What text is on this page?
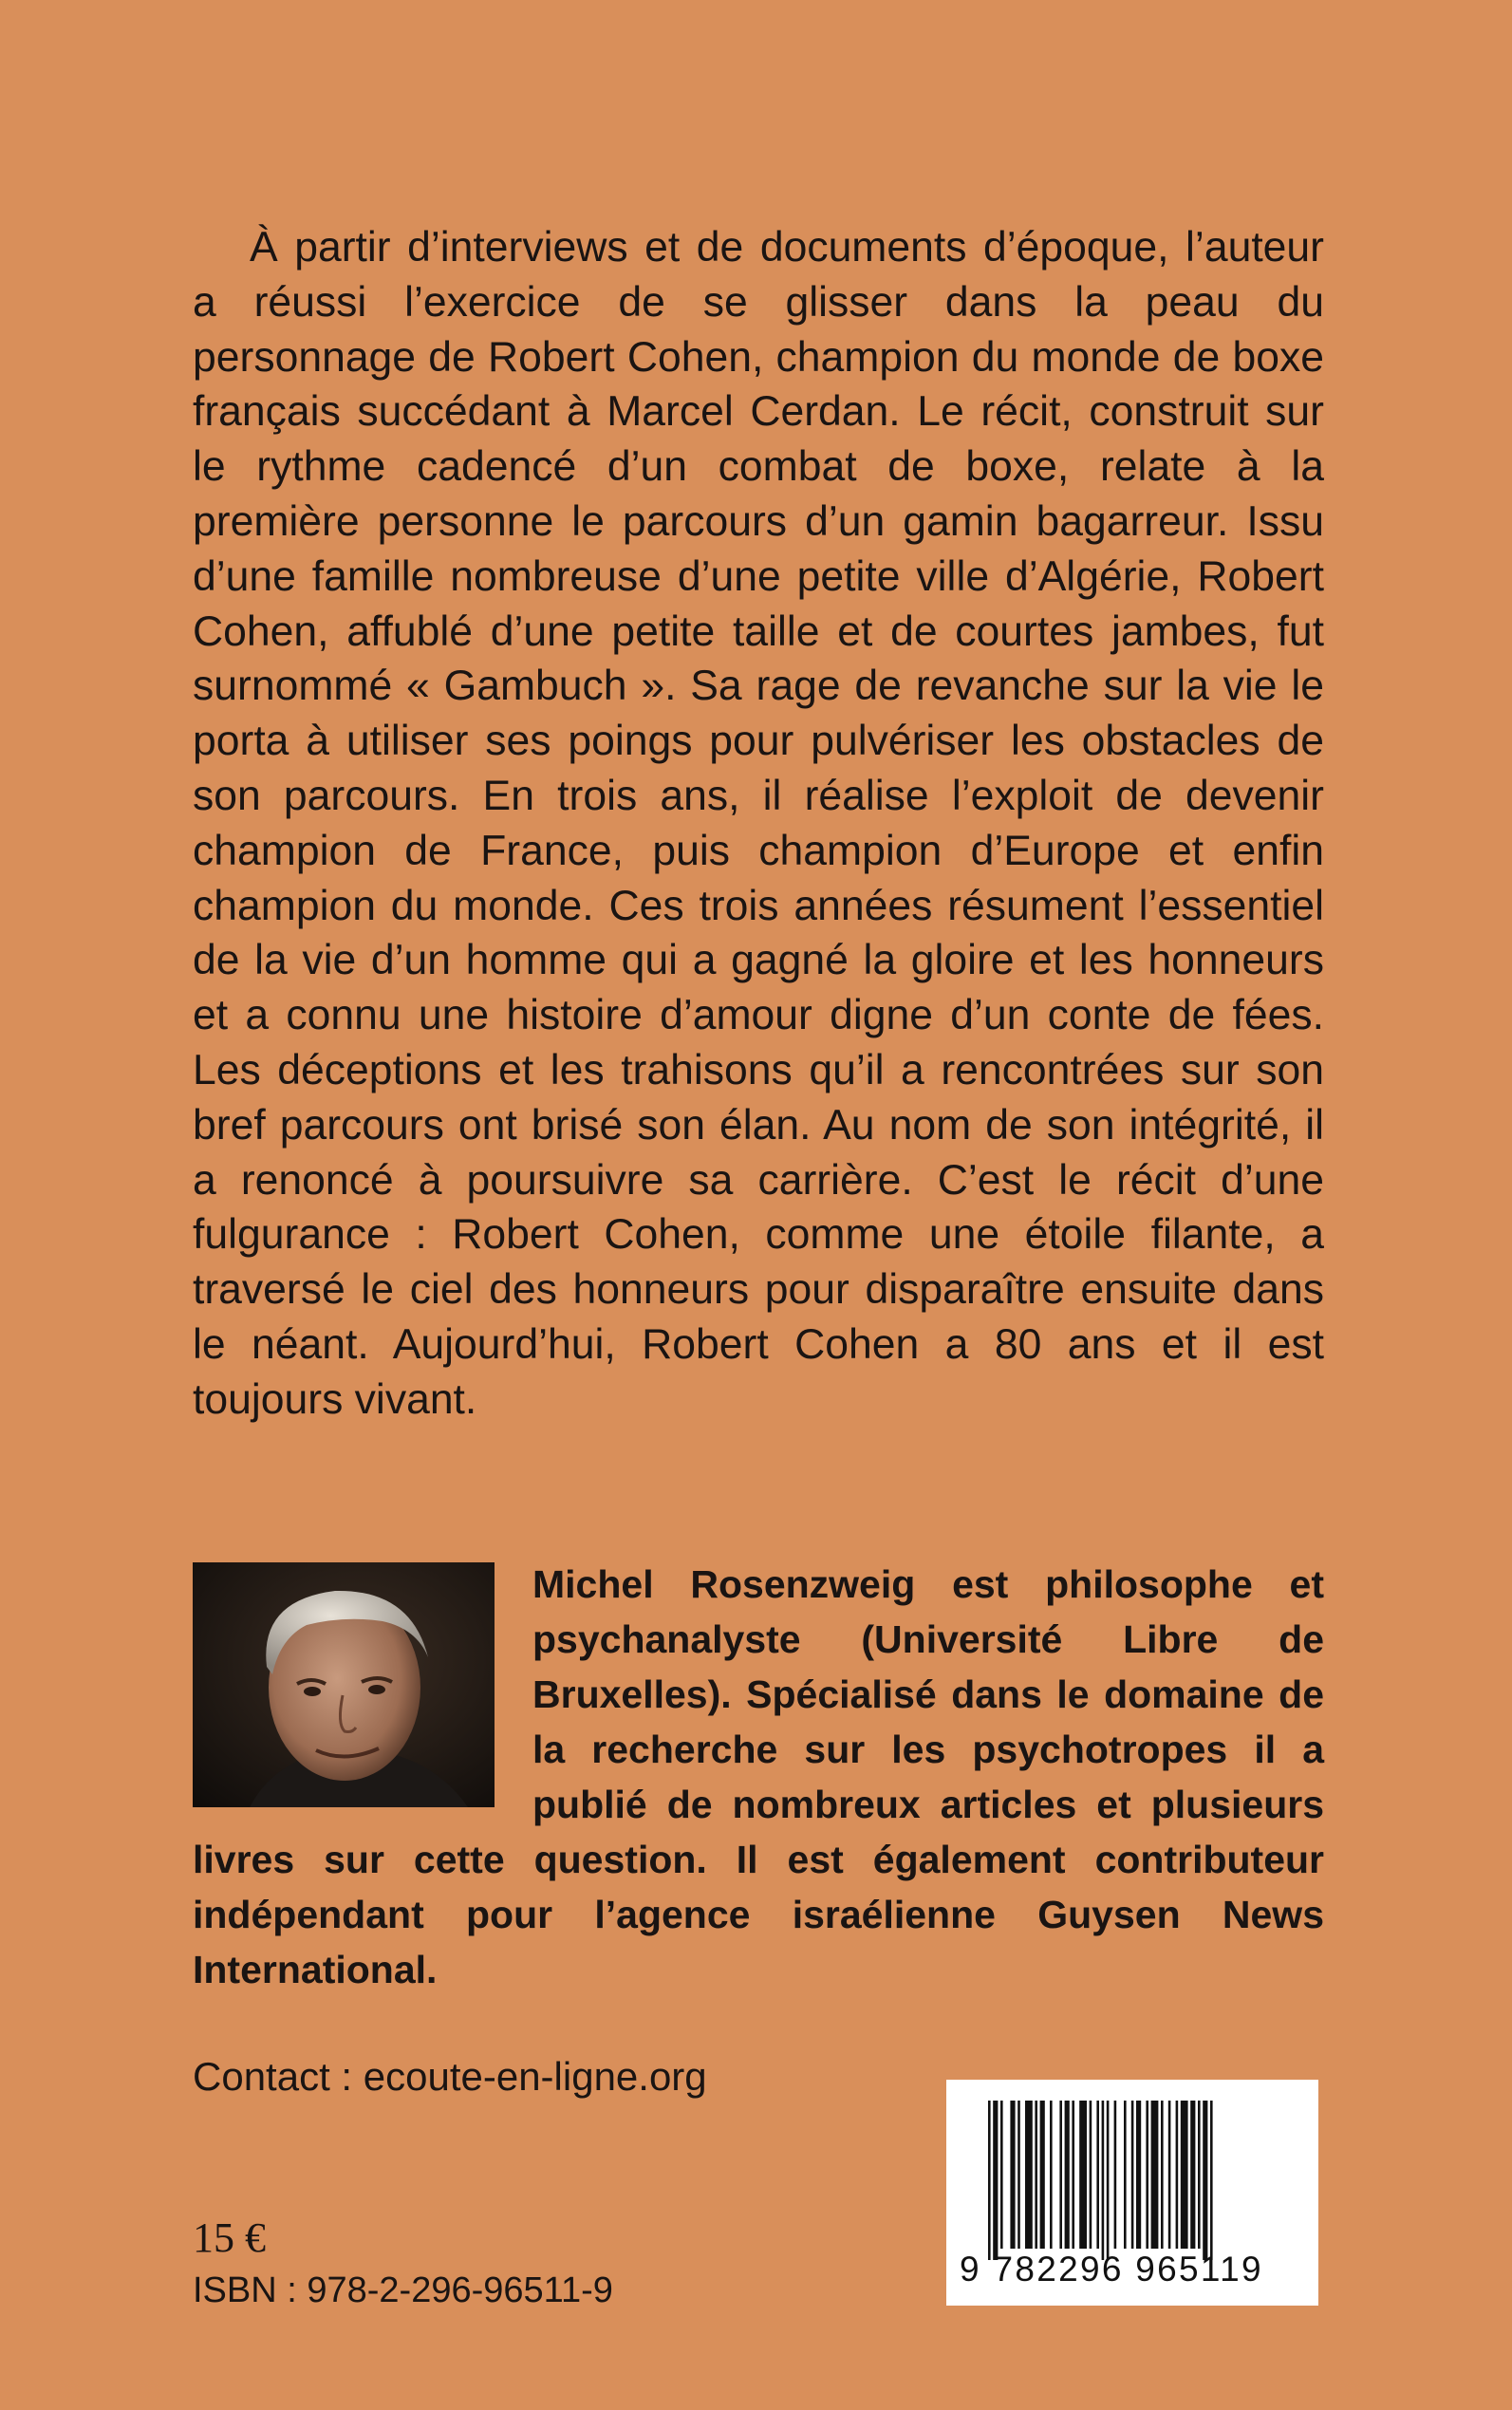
À partir d’interviews et de documents d’époque, l’auteur a réussi l’exercice de se glisser dans la peau du personnage de Robert Cohen, champion du monde de boxe français succédant à Marcel Cerdan. Le récit, construit sur le rythme cadencé d’un combat de boxe, relate à la première personne le parcours d’un gamin bagarreur. Issu d’une famille nombreuse d’une petite ville d’Algérie, Robert Cohen, affublé d’une petite taille et de courtes jambes, fut surnommé « Gambuch ». Sa rage de revanche sur la vie le porta à utiliser ses poings pour pulvériser les obstacles de son parcours. En trois ans, il réalise l’exploit de devenir champion de France, puis champion d’Europe et enfin champion du monde. Ces trois années résument l’essentiel de la vie d’un homme qui a gagné la gloire et les honneurs et a connu une histoire d’amour digne d’un conte de fées. Les déceptions et les trahisons qu’il a rencontrées sur son bref parcours ont brisé son élan. Au nom de son intégrité, il a renoncé à poursuivre sa carrière. C’est le récit d’une fulgurance : Robert Cohen, comme une étoile filante, a traversé le ciel des honneurs pour disparaître ensuite dans le néant. Aujourd’hui, Robert Cohen a 80 ans et il est toujours vivant.

Michel Rosenzweig est philosophe et psychanalyste (Université Libre de Bruxelles). Spécialisé dans le domaine de la recherche sur les psychotropes il a publié de nombreux articles et plusieurs livres sur cette question. Il est également contributeur indépendant pour l’agence israélienne Guysen News International.

Contact : ecoute-en-ligne.org

15 €
ISBN : 978-2-296-96511-9
9 782296 965119
